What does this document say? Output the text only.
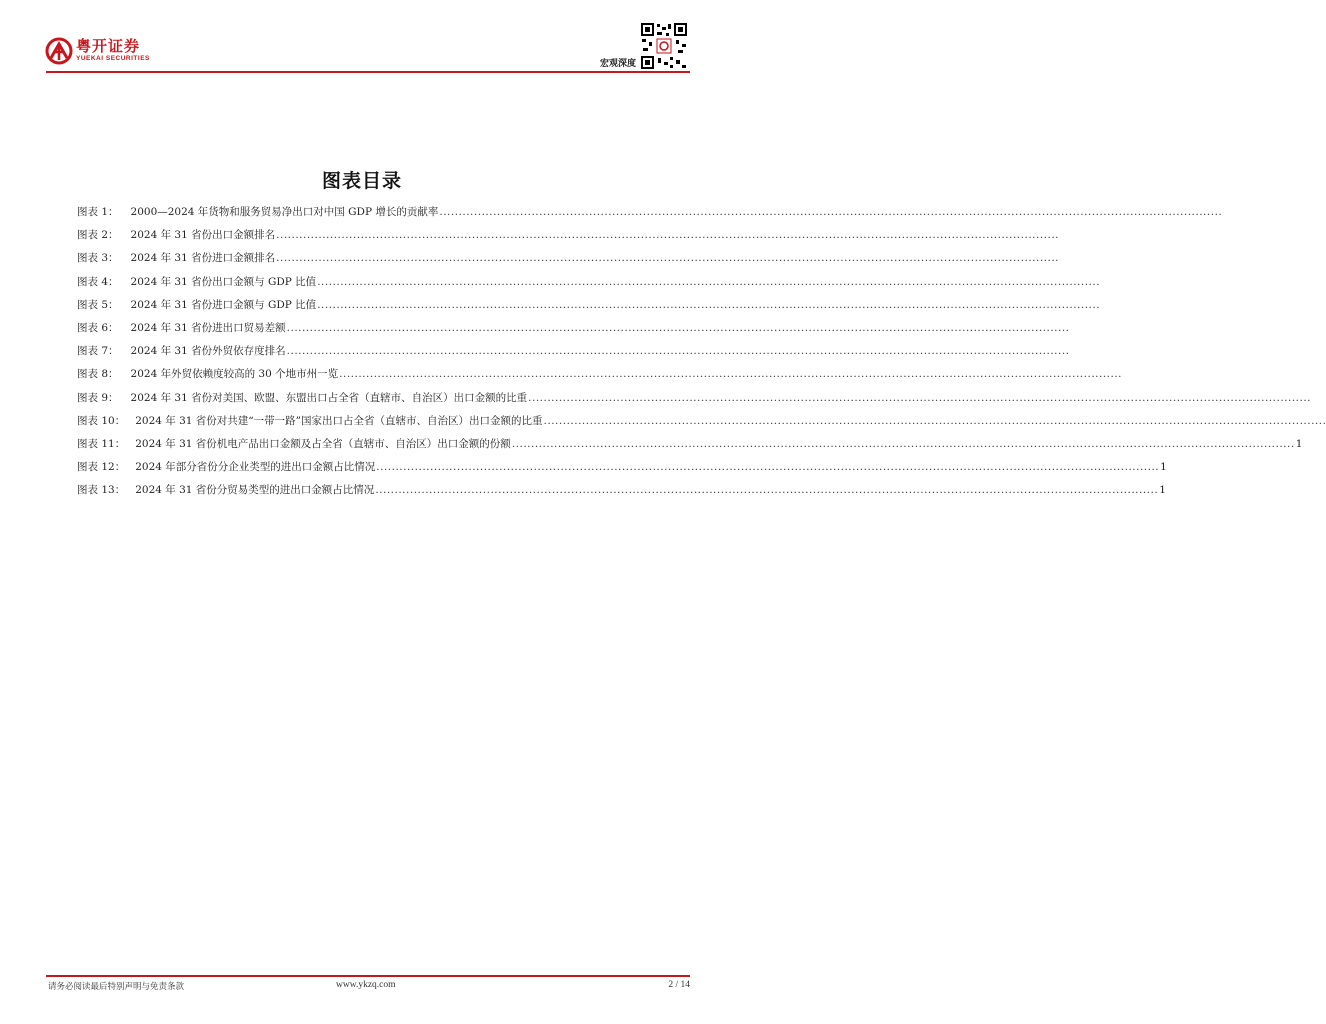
粤开证券
YUEKAI SECURITIES
宏观深度
图表目录
图表 1： 2000—2024 年货物和服务贸易净出口对中国 GDP 增长的贡献率 ............................................................................................................................................................................................................
图表 2： 2024 年 31 省份出口金额排名 ............................................................................................................................................................................................................
图表 3： 2024 年 31 省份进口金额排名 ............................................................................................................................................................................................................
图表 4： 2024 年 31 省份出口金额与 GDP 比值 ............................................................................................................................................................................................................
图表 5： 2024 年 31 省份进口金额与 GDP 比值 ............................................................................................................................................................................................................
图表 6： 2024 年 31 省份进出口贸易差额 ............................................................................................................................................................................................................
图表 7： 2024 年 31 省份外贸依存度排名 ............................................................................................................................................................................................................
图表 8： 2024 年外贸依赖度较高的 30 个地市州一览 ............................................................................................................................................................................................................
图表 9： 2024 年 31 省份对美国、欧盟、东盟出口占全省（直辖市、自治区）出口金额的比重 ............................................................................................................................................................................................................
图表 10： 2024 年 31 省份对共建“一带一路”国家出口占全省（直辖市、自治区）出口金额的比重 ............................................................................................................................................................................................................
图表 11： 2024 年 31 省份机电产品出口金额及占全省（直辖市、自治区）出口金额的份额 ............................................................................................................................................................................................................ 1
图表 12： 2024 年部分省份分企业类型的进出口金额占比情况 ............................................................................................................................................................................................................ 1
图表 13： 2024 年 31 省份分贸易类型的进出口金额占比情况 ............................................................................................................................................................................................................ 1
请务必阅读最后特别声明与免责条款	www.ykzq.com	2 / 14
